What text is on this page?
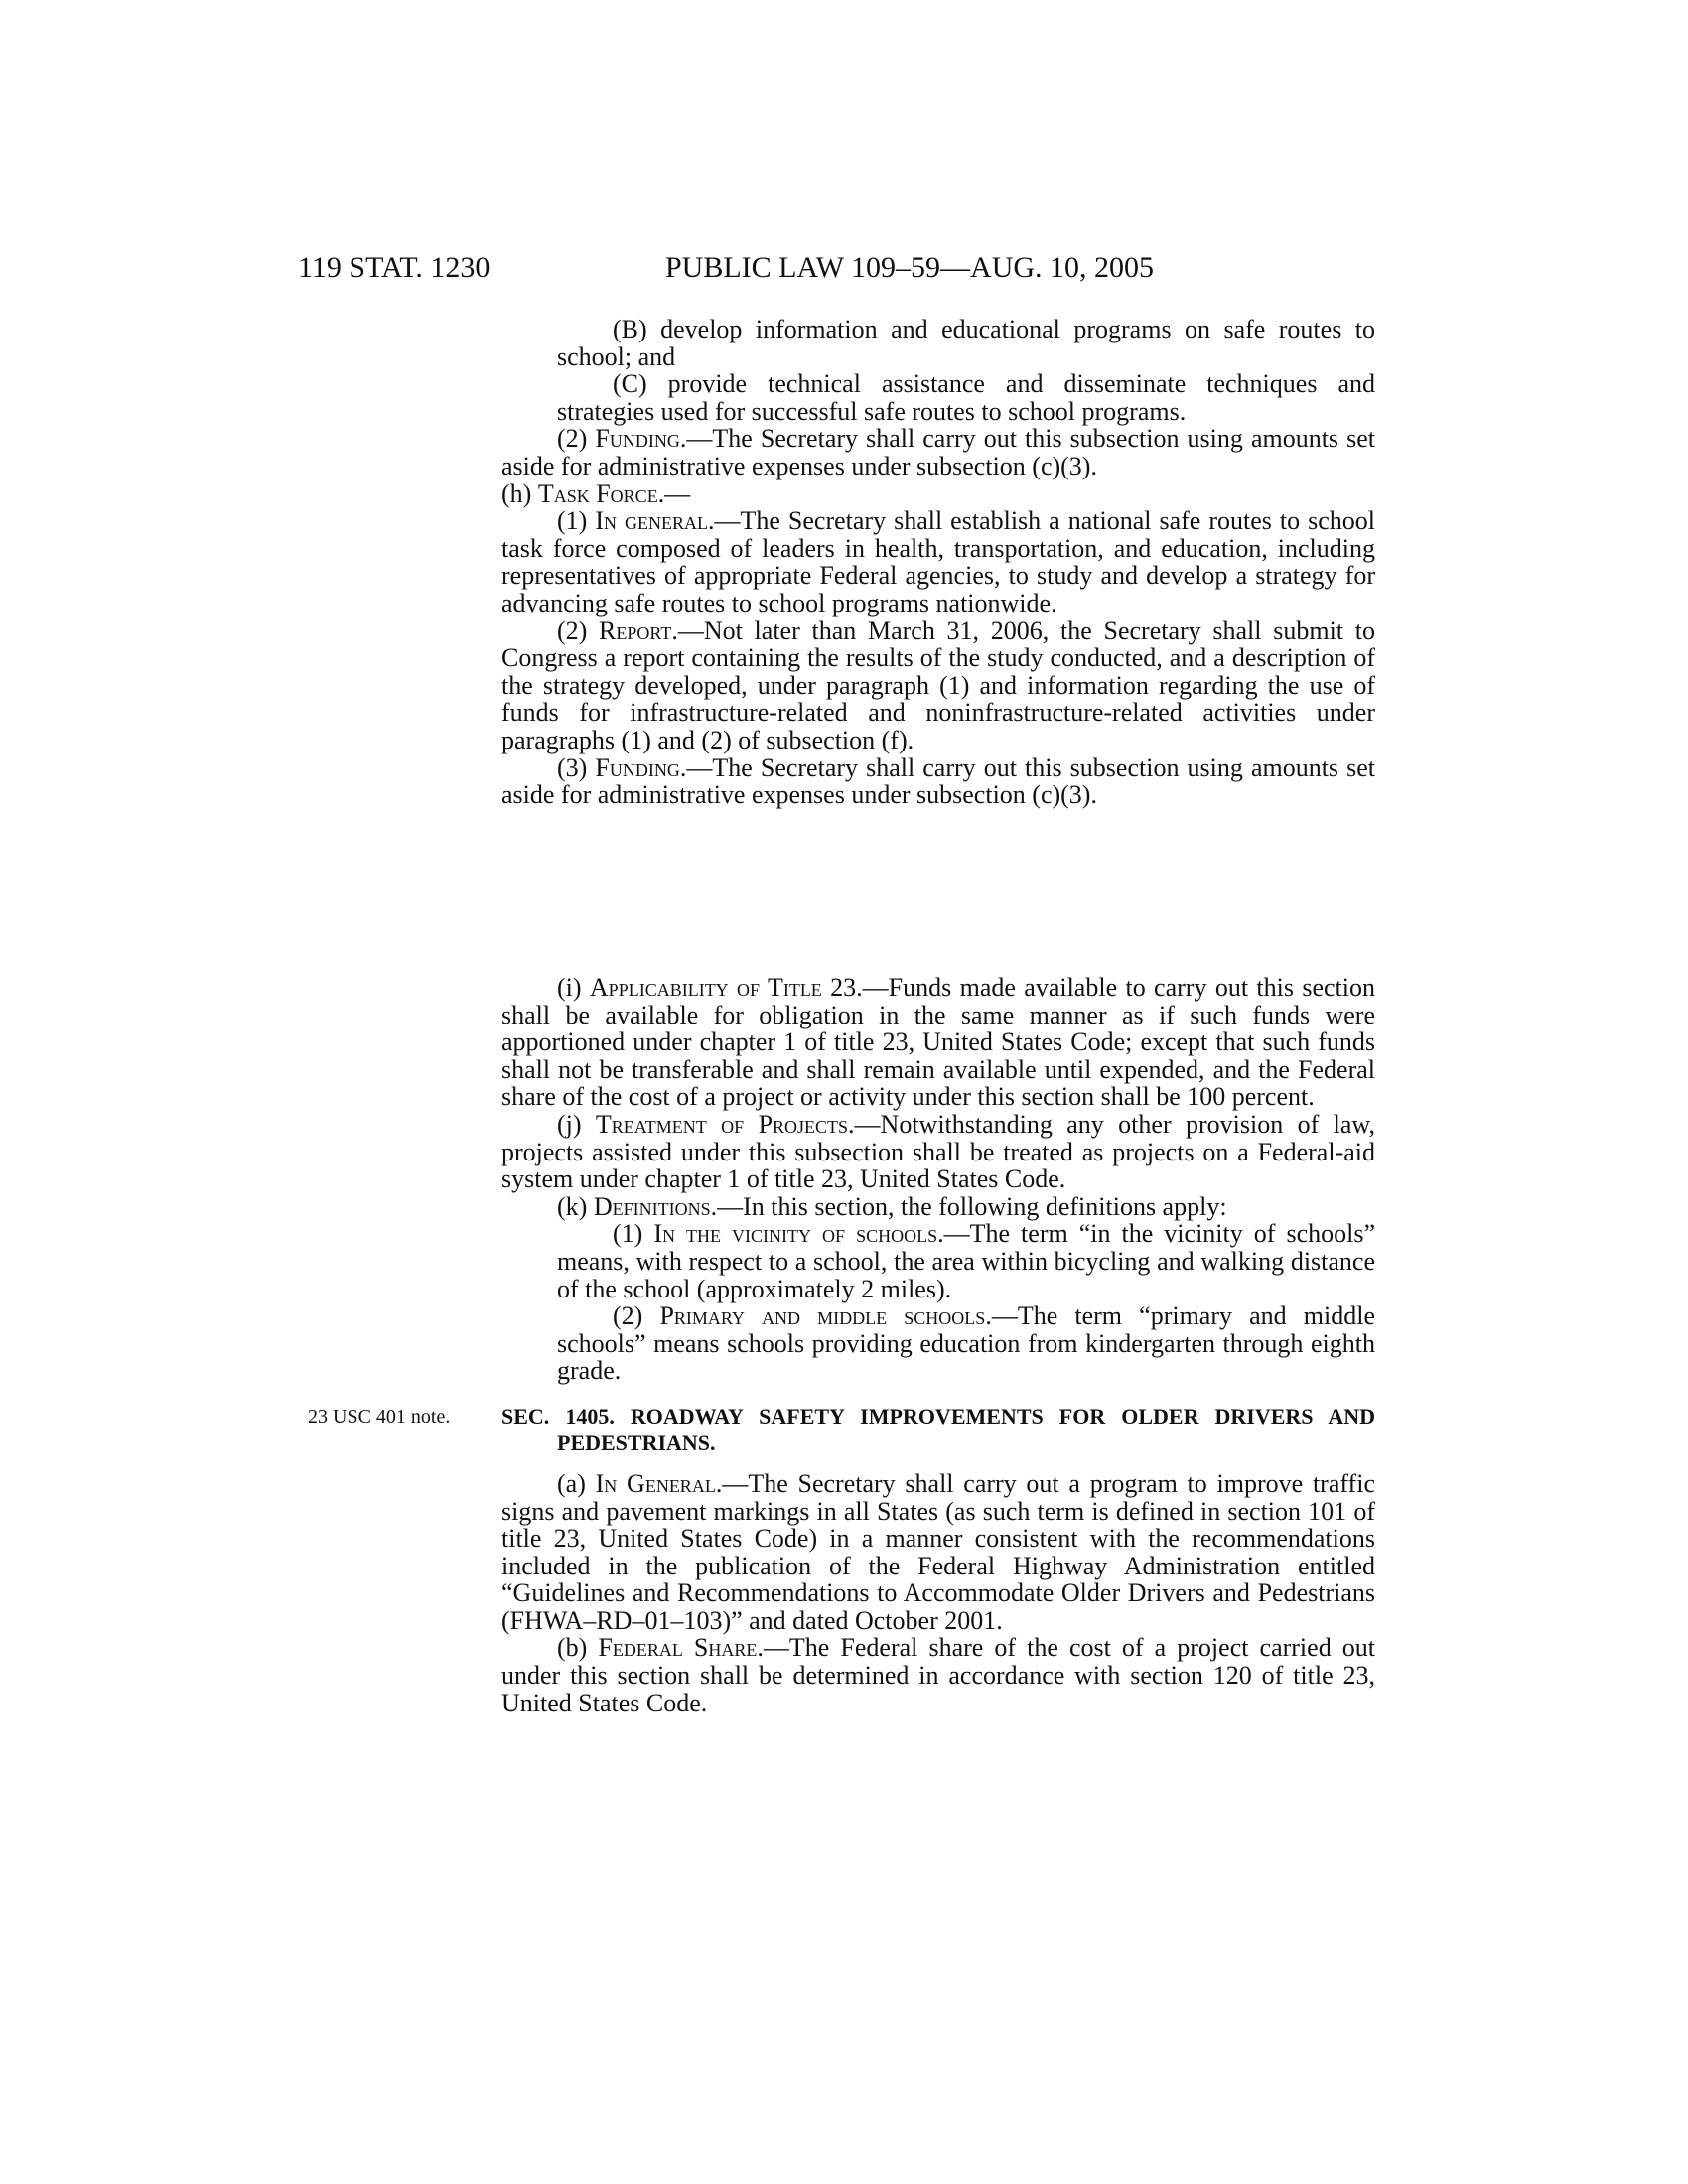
119 STAT. 1230	PUBLIC LAW 109–59—AUG. 10, 2005

(B) develop information and educational programs on safe routes to school; and

(C) provide technical assistance and disseminate techniques and strategies used for successful safe routes to school programs.

(2) Funding.—The Secretary shall carry out this subsection using amounts set aside for administrative expenses under subsection (c)(3).

(h) Task Force.—

(1) In general.—The Secretary shall establish a national safe routes to school task force composed of leaders in health, transportation, and education, including representatives of appropriate Federal agencies, to study and develop a strategy for advancing safe routes to school programs nationwide.

(2) Report.—Not later than March 31, 2006, the Secretary shall submit to Congress a report containing the results of the study conducted, and a description of the strategy developed, under paragraph (1) and information regarding the use of funds for infrastructure-related and noninfrastructure-related activities under paragraphs (1) and (2) of subsection (f).

(3) Funding.—The Secretary shall carry out this subsection using amounts set aside for administrative expenses under subsection (c)(3).

(i) Applicability of Title 23.—Funds made available to carry out this section shall be available for obligation in the same manner as if such funds were apportioned under chapter 1 of title 23, United States Code; except that such funds shall not be transferable and shall remain available until expended, and the Federal share of the cost of a project or activity under this section shall be 100 percent.

(j) Treatment of Projects.—Notwithstanding any other provision of law, projects assisted under this subsection shall be treated as projects on a Federal-aid system under chapter 1 of title 23, United States Code.

(k) Definitions.—In this section, the following definitions apply:

(1) In the vicinity of schools.—The term “in the vicinity of schools” means, with respect to a school, the area within bicycling and walking distance of the school (approximately 2 miles).

(2) Primary and middle schools.—The term “primary and middle schools” means schools providing education from kindergarten through eighth grade.

23 USC 401 note. SEC. 1405. ROADWAY SAFETY IMPROVEMENTS FOR OLDER DRIVERS AND PEDESTRIANS.

(a) In General.—The Secretary shall carry out a program to improve traffic signs and pavement markings in all States (as such term is defined in section 101 of title 23, United States Code) in a manner consistent with the recommendations included in the publication of the Federal Highway Administration entitled “Guidelines and Recommendations to Accommodate Older Drivers and Pedestrians (FHWA–RD–01–103)” and dated October 2001.

(b) Federal Share.—The Federal share of the cost of a project carried out under this section shall be determined in accordance with section 120 of title 23, United States Code.
